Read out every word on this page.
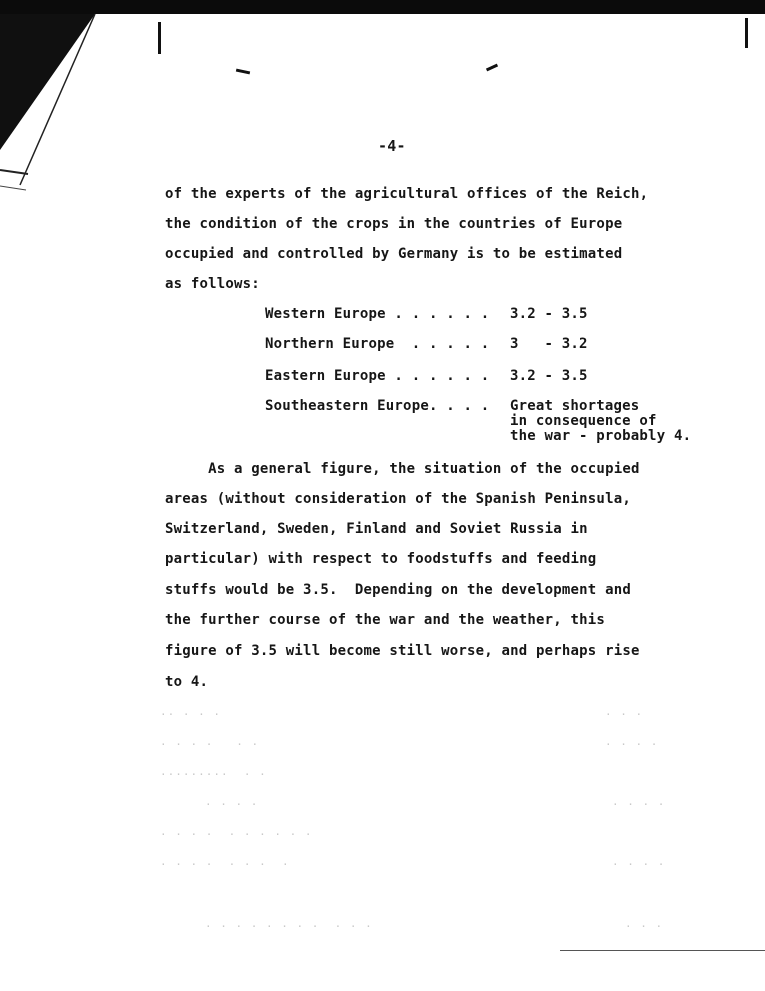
-4-
of the experts of the agricultural offices of the Reich,
the condition of the crops in the countries of Europe
occupied and controlled by Germany is to be estimated
as follows:
Western Europe . . . . . .	3.2 - 3.5
Northern Europe  . . . . .	3   - 3.2
Eastern Europe . . . . . .	3.2 - 3.5
Southeastern Europe. . . .	Great shortages
in consequence of
the war - probably 4.
As a general figure, the situation of the occupied
areas (without consideration of the Spanish Peninsula,
Switzerland, Sweden, Finland and Soviet Russia in
particular) with respect to foodstuffs and feeding
stuffs would be 3.5.  Depending on the development and
the further course of the war and the weather, this
figure of 3.5 will become still worse, and perhaps rise
to 4.
·· · · ·
· · · ·   · ·
·········  · ·
· · · ·
· · · ·  · · · · · ·
· · · ·  · · ·  ·
· · · · · · · ·  · · ·
· · ·
· · · ·
· · · ·
· · · ·
· · ·
